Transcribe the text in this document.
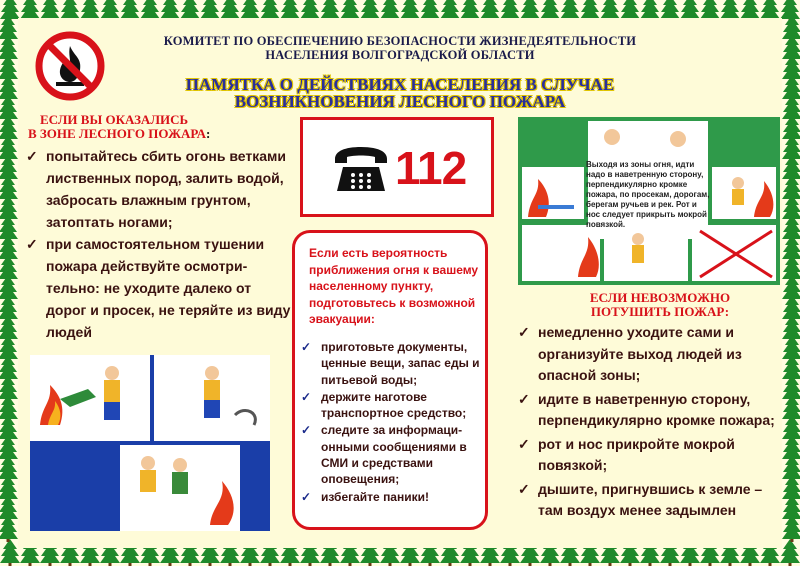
КОМИТЕТ ПО ОБЕСПЕЧЕНИЮ БЕЗОПАСНОСТИ ЖИЗНЕДЕЯТЕЛЬНОСТИ
НАСЕЛЕНИЯ ВОЛГОГРАДСКОЙ ОБЛАСТИ
ПАМЯТКА О ДЕЙСТВИЯХ НАСЕЛЕНИЯ В СЛУЧАЕ
ВОЗНИКНОВЕНИЯ ЛЕСНОГО ПОЖАРА
ЕСЛИ ВЫ ОКАЗАЛИСЬ
В ЗОНЕ ЛЕСНОГО ПОЖАРА:
✓ попытайтесь сбить огонь ветками лиственных пород, залить водой, забросать влажным грунтом, затоптать ногами;
✓ при самостоятельном тушении пожара действуйте осмотри-тельно: не уходите далеко от дорог и просек, не теряйте из виду людей
112
Если есть вероятность приближения огня к вашему населенному пункту, подготовьтесь к возможной эвакуации:
✓ приготовьте документы, ценные вещи, запас еды и питьевой воды;
✓ держите наготове транспортное средство;
✓ следите за информаци-онными сообщениями в СМИ и средствами оповещения;
✓ избегайте паники!
Выходя из зоны огня, идти надо в наветренную сторону, перпендикулярно кромке пожара, по просекам, дорогам, берегам ручьев и рек. Рот и нос следует прикрыть мокрой повязкой.
ЕСЛИ НЕВОЗМОЖНО
ПОТУШИТЬ ПОЖАР:
✓ немедленно уходите сами и организуйте выход людей из опасной зоны;
✓ идите в наветренную сторону, перпендикулярно кромке пожара;
✓ рот и нос прикройте мокрой повязкой;
✓ дышите, пригнувшись к земле – там воздух менее задымлен
